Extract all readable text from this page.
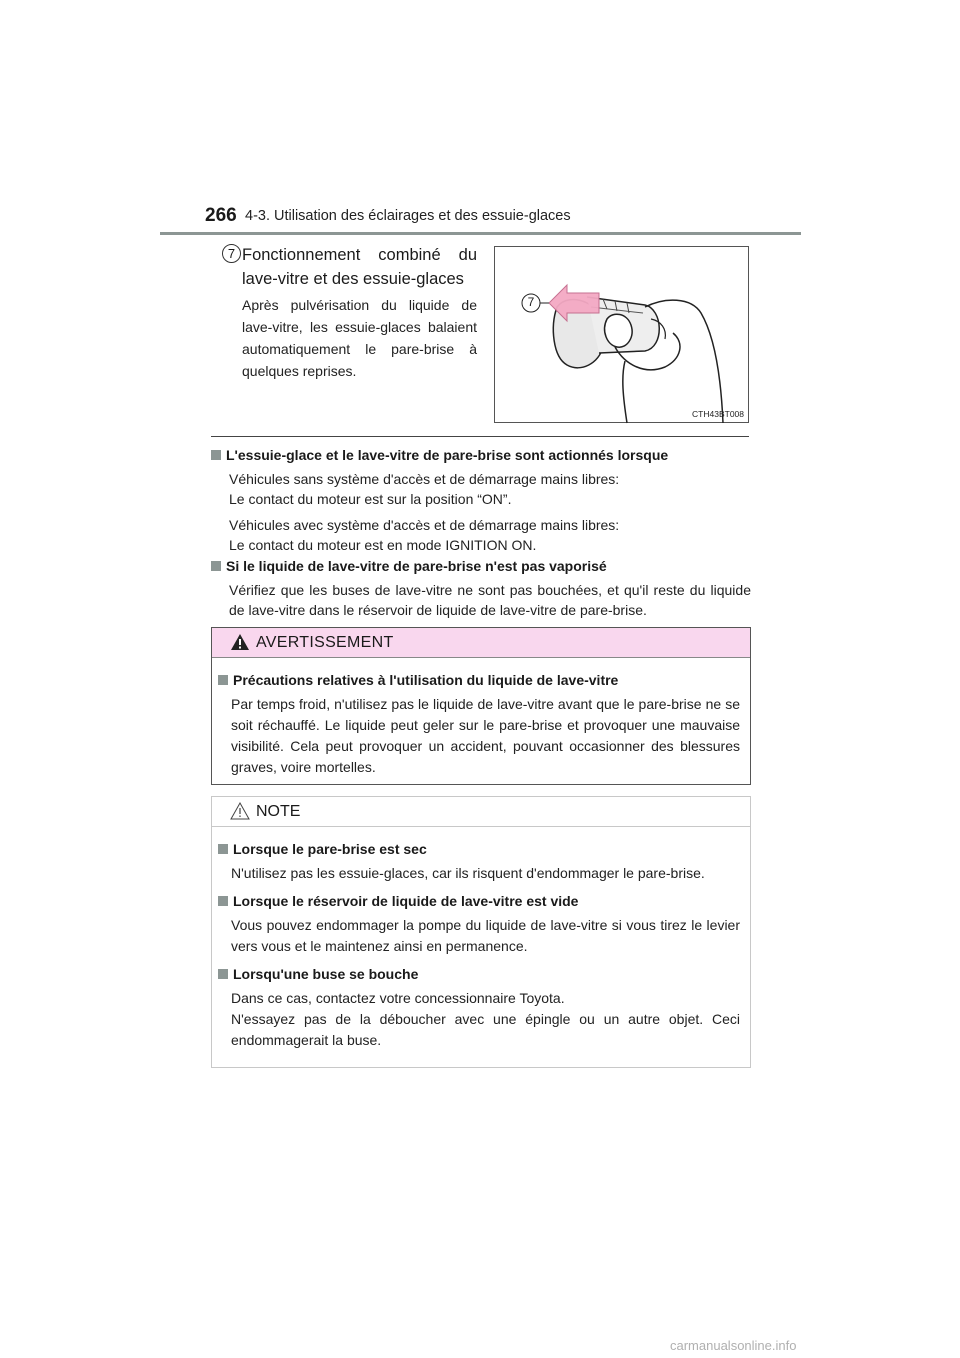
266 4-3. Utilisation des éclairages et des essuie-glaces
7 Fonctionnement combiné du lave-vitre et des essuie-glaces
Après pulvérisation du liquide de lave-vitre, les essuie-glaces balaient automatiquement le pare-brise à quelques reprises.
7
CTH43BT008
L'essuie-glace et le lave-vitre de pare-brise sont actionnés lorsque
Véhicules sans système d'accès et de démarrage mains libres:
Le contact du moteur est sur la position “ON”.
Véhicules avec système d'accès et de démarrage mains libres:
Le contact du moteur est en mode IGNITION ON.
Si le liquide de lave-vitre de pare-brise n'est pas vaporisé
Vérifiez que les buses de lave-vitre ne sont pas bouchées, et qu'il reste du liquide de lave-vitre dans le réservoir de liquide de lave-vitre de pare-brise.
AVERTISSEMENT
Précautions relatives à l'utilisation du liquide de lave-vitre
Par temps froid, n'utilisez pas le liquide de lave-vitre avant que le pare-brise ne se soit réchauffé. Le liquide peut geler sur le pare-brise et provoquer une mauvaise visibilité. Cela peut provoquer un accident, pouvant occasionner des blessures graves, voire mortelles.
NOTE
Lorsque le pare-brise est sec
N'utilisez pas les essuie-glaces, car ils risquent d'endommager le pare-brise.
Lorsque le réservoir de liquide de lave-vitre est vide
Vous pouvez endommager la pompe du liquide de lave-vitre si vous tirez le levier vers vous et le maintenez ainsi en permanence.
Lorsqu'une buse se bouche
Dans ce cas, contactez votre concessionnaire Toyota.
N'essayez pas de la déboucher avec une épingle ou un autre objet. Ceci endommagerait la buse.
carmanualsonline.info
